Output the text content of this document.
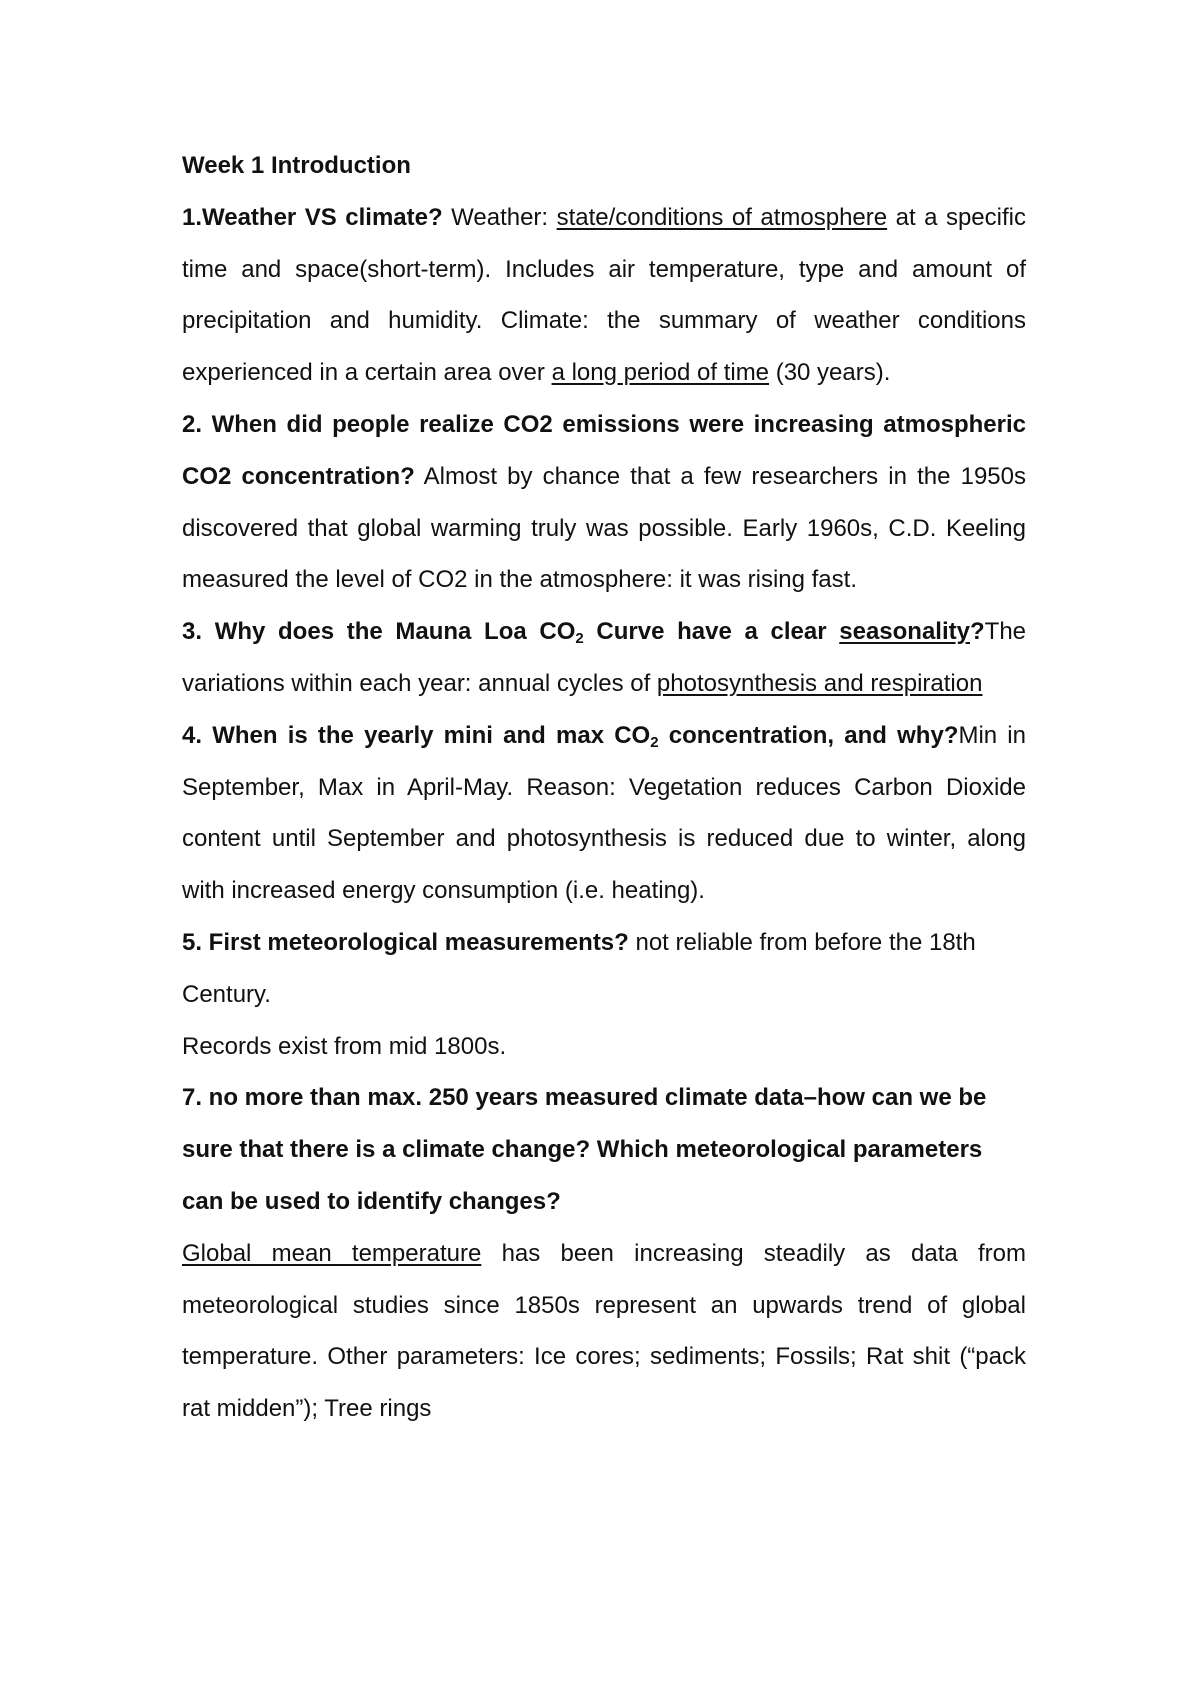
Week 1 Introduction

1.Weather VS climate? Weather: state/conditions of atmosphere at a specific time and space(short-term). Includes air temperature, type and amount of precipitation and humidity. Climate: the summary of weather conditions experienced in a certain area over a long period of time (30 years).

2. When did people realize CO2 emissions were increasing atmospheric CO2 concentration? Almost by chance that a few researchers in the 1950s discovered that global warming truly was possible. Early 1960s, C.D. Keeling measured the level of CO2 in the atmosphere: it was rising fast.

3. Why does the Mauna Loa $CO_2$ Curve have a clear seasonality?The variations within each year: annual cycles of photosynthesis and respiration

4. When is the yearly mini and $\max CO_2$ concentration, and why?Min in September, Max in April-May. Reason: Vegetation reduces Carbon Dioxide content until September and photosynthesis is reduced due to winter, along with increased energy consumption (i.e. heating).

5. First meteorological measurements? not reliable from before the 18th Century.

Records exist from mid 1800s.

7. no more than max. 250 years measured climate data–how can we be sure that there is a climate change? Which meteorological parameters can be used to identify changes?

Global mean temperature has been increasing steadily as data from meteorological studies since 1850s represent an upwards trend of global temperature. Other parameters: Ice cores; sediments; Fossils; Rat shit (“pack rat midden”); Tree rings
